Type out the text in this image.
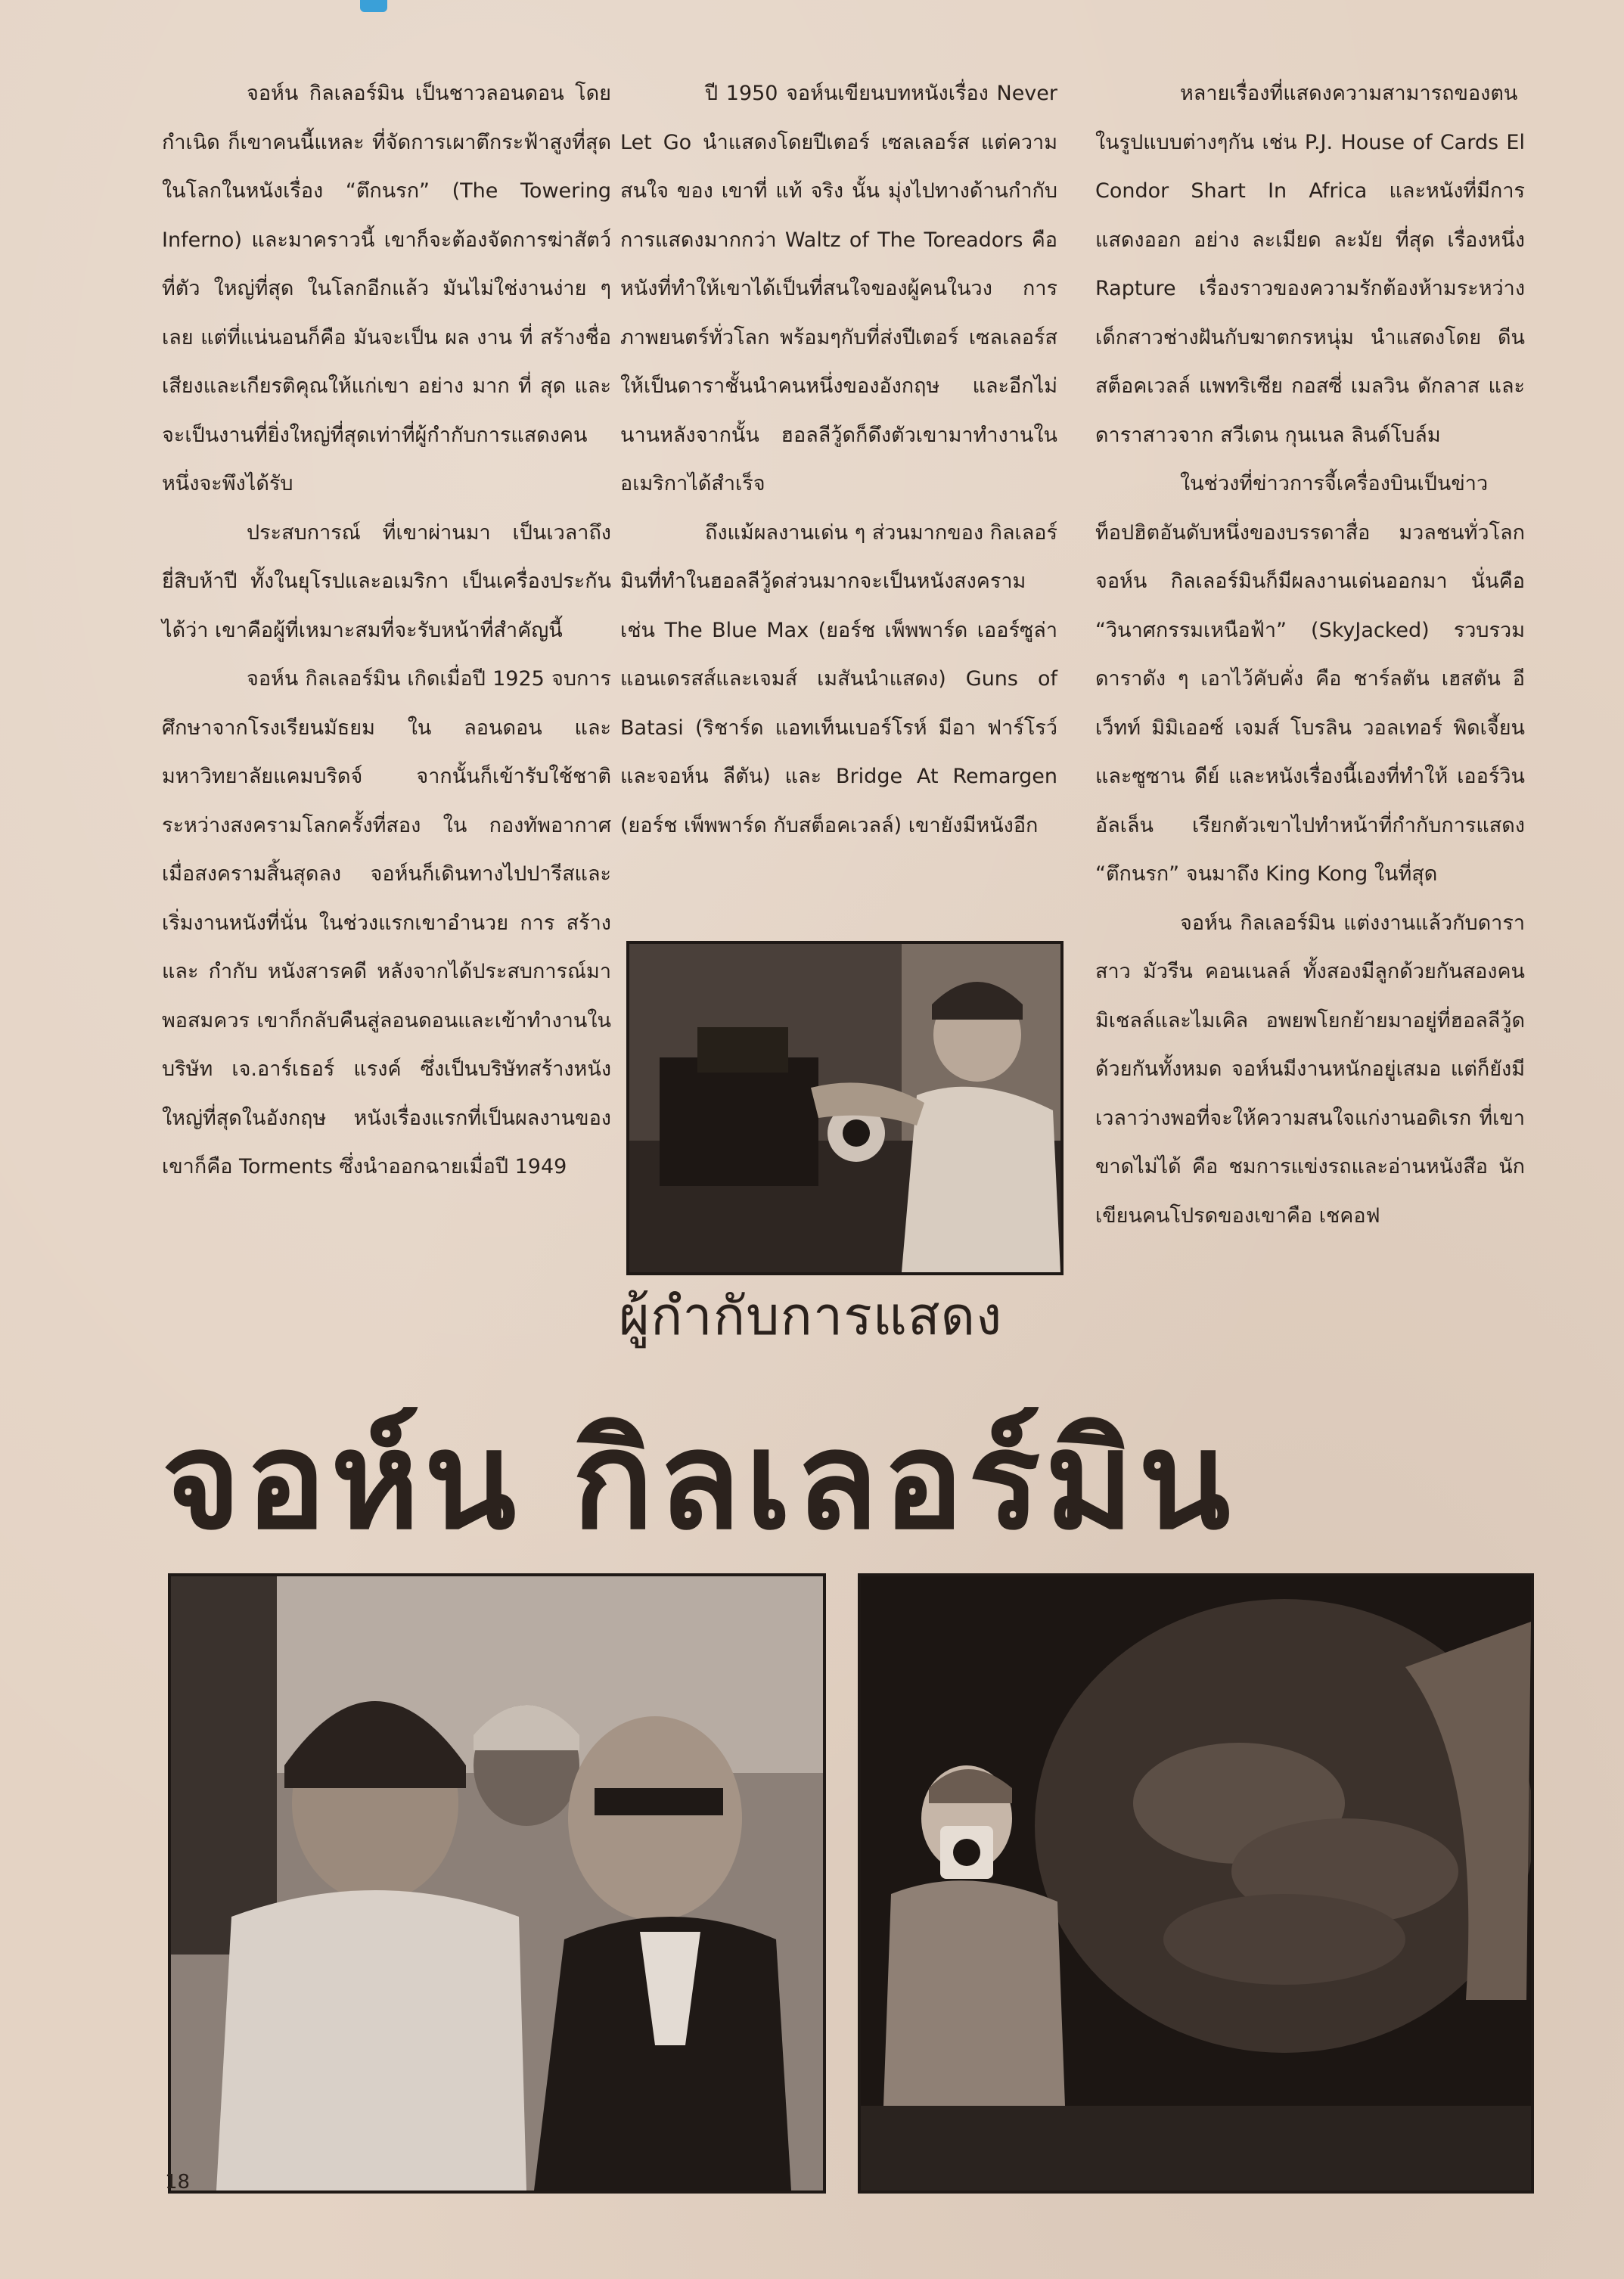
จอห์น กิลเลอร์มิน เป็นชาวลอนดอน โดยกำเนิด ก็เขาคนนี้แหละ ที่จัดการเผาตึกระฟ้าสูงที่สุดในโลกในหนังเรื่อง “ตึกนรก” (The Towering Inferno) และมาคราวนี้ เขาก็จะต้องจัดการฆ่าสัตว์ ที่ตัว ใหญ่ที่สุด ในโลกอีกแล้ว มันไม่ใช่งานง่าย ๆ เลย แต่ที่แน่นอนก็คือ มันจะเป็น ผล งาน ที่ สร้างชื่อเสียงและเกียรติคุณให้แก่เขา อย่าง มาก ที่ สุด และจะเป็นงานที่ยิ่งใหญ่ที่สุดเท่าที่ผู้กำกับการแสดงคนหนึ่งจะพึงได้รับ

ประสบการณ์ ที่เขาผ่านมา เป็นเวลาถึงยี่สิบห้าปี ทั้งในยุโรปและอเมริกา เป็นเครื่องประกันได้ว่า เขาคือผู้ที่เหมาะสมที่จะรับหน้าที่สำคัญนี้

จอห์น กิลเลอร์มิน เกิดเมื่อปี 1925 จบการศึกษาจากโรงเรียนมัธยม ใน ลอนดอน และมหาวิทยาลัยแคมบริดจ์ จากนั้นก็เข้ารับใช้ชาติระหว่างสงครามโลกครั้งที่สอง ใน กองทัพอากาศ เมื่อสงครามสิ้นสุดลง จอห์นก็เดินทางไปปารีสและเริ่มงานหนังที่นั่น ในช่วงแรกเขาอำนวย การ สร้าง และ กำกับ หนังสารคดี หลังจากได้ประสบการณ์มาพอสมควร เขาก็กลับคืนสู่ลอนดอนและเข้าทำงานในบริษัท เจ.อาร์เธอร์ แรงค์ ซึ่งเป็นบริษัทสร้างหนังใหญ่ที่สุดในอังกฤษ หนังเรื่องแรกที่เป็นผลงานของเขาก็คือ Torments ซึ่งนำออกฉายเมื่อปี 1949

ปี 1950 จอห์นเขียนบทหนังเรื่อง Never Let Go นำแสดงโดยปีเตอร์ เซลเลอร์ส แต่ความสนใจ ของ เขาที่ แท้ จริง นั้น มุ่งไปทางด้านกำกับการแสดงมากกว่า Waltz of The Toreadors คือหนังที่ทำให้เขาได้เป็นที่สนใจของผู้คนในวง การ ภาพยนตร์ทั่วโลก พร้อมๆกับที่ส่งปีเตอร์ เซลเลอร์สให้เป็นดาราชั้นนำคนหนึ่งของอังกฤษ และอีกไม่นานหลังจากนั้น ฮอลลีวู้ดก็ดึงตัวเขามาทำงานในอเมริกาได้สำเร็จ

ถึงแม้ผลงานเด่น ๆ ส่วนมากของ กิลเลอร์มินที่ทำในฮอลลีวู้ดส่วนมากจะเป็นหนังสงคราม เช่น The Blue Max (ยอร์ช เพ็พพาร์ด เออร์ซูล่า แอนเดรสส์และเจมส์ เมสันนำแสดง) Guns of Batasi (ริชาร์ด แอทเท็นเบอร์โรห์ มีอา ฟาร์โรว์ และจอห์น ลีตัน) และ Bridge At Remargen (ยอร์ช เพ็พพาร์ด กับสต็อคเวลล์) เขายังมีหนังอีก

หลายเรื่องที่แสดงความสามารถของตน ในรูปแบบต่างๆกัน เช่น P.J. House of Cards El Condor Shart In Africa และหนังที่มีการแสดงออก อย่าง ละเมียด ละมัย ที่สุด เรื่องหนึ่ง Rapture เรื่องราวของความรักต้องห้ามระหว่างเด็กสาวช่างฝันกับฆาตกรหนุ่ม นำแสดงโดย ดีน สต็อคเวลล์ แพทริเซีย กอสซี่ เมลวิน ดักลาส และดาราสาวจาก สวีเดน กุนเนล ลินด์โบล์ม

ในช่วงที่ข่าวการจี้เครื่องบินเป็นข่าวท็อปฮิตอันดับหนึ่งของบรรดาสื่อ มวลชนทั่วโลก จอห์น กิลเลอร์มินก็มีผลงานเด่นออกมา นั่นคือ “วินาศกรรมเหนือฟ้า” (SkyJacked) รวบรวมดาราดัง ๆ เอาไว้คับคั่ง คือ ชาร์ลตัน เฮสตัน อีเว็ทท์ มิมิเออซ์ เจมส์ โบรลิน วอลเทอร์ พิดเจี้ยน และซูซาน ดีย์ และหนังเรื่องนี้เองที่ทำให้ เออร์วิน อัลเล็น เรียกตัวเขาไปทำหน้าที่กำกับการแสดง “ตึกนรก” จนมาถึง King Kong ในที่สุด

จอห์น กิลเลอร์มิน แต่งงานแล้วกับดาราสาว มัวรีน คอนเนลล์ ทั้งสองมีลูกด้วยกันสองคน มิเชลล์และไมเคิล อพยพโยกย้ายมาอยู่ที่ฮอลลีวู้ดด้วยกันทั้งหมด จอห์นมีงานหนักอยู่เสมอ แต่ก็ยังมีเวลาว่างพอที่จะให้ความสนใจแก่งานอดิเรก ที่เขา ขาดไม่ได้ คือ ชมการแข่งรถและอ่านหนังสือ นักเขียนคนโปรดของเขาคือ เชคอฟ

ผู้กำกับการแสดง
จอห์น กิลเลอร์มิน
18
